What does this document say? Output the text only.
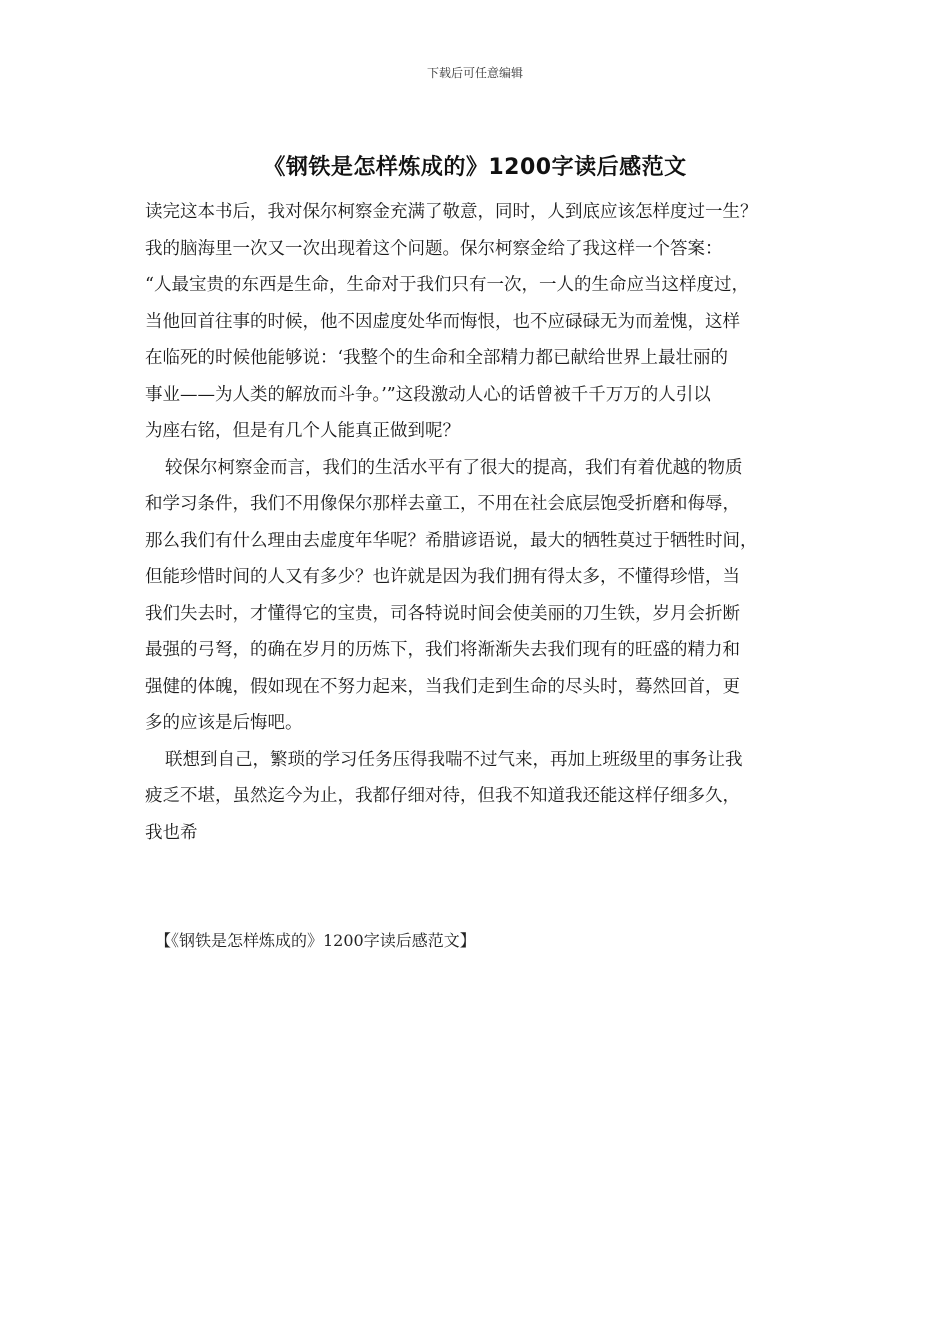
下载后可任意编辑
《钢铁是怎样炼成的》1200字读后感范文
读完这本书后，我对保尔柯察金充满了敬意，同时，人到底应该怎样度过一生？
我的脑海里一次又一次出现着这个问题。保尔柯察金给了我这样一个答案：
“人最宝贵的东西是生命，生命对于我们只有一次，一人的生命应当这样度过，
当他回首往事的时候，他不因虚度处华而悔恨，也不应碌碌无为而羞愧，这样
在临死的时候他能够说：‘我整个的生命和全部精力都已献给世界上最壮丽的
事业——为人类的解放而斗争。’”这段激动人心的话曾被千千万万的人引以
为座右铭，但是有几个人能真正做到呢？
较保尔柯察金而言，我们的生活水平有了很大的提高，我们有着优越的物质
和学习条件，我们不用像保尔那样去童工，不用在社会底层饱受折磨和侮辱，
那么我们有什么理由去虚度年华呢？希腊谚语说，最大的牺牲莫过于牺牲时间，
但能珍惜时间的人又有多少？也许就是因为我们拥有得太多，不懂得珍惜，当
我们失去时，才懂得它的宝贵，司各特说时间会使美丽的刀生铁，岁月会折断
最强的弓弩，的确在岁月的历炼下，我们将渐渐失去我们现有的旺盛的精力和
强健的体魄，假如现在不努力起来，当我们走到生命的尽头时，蓦然回首，更
多的应该是后悔吧。
联想到自己，繁琐的学习任务压得我喘不过气来，再加上班级里的事务让我
疲乏不堪，虽然迄今为止，我都仔细对待，但我不知道我还能这样仔细多久，
我也希
【《钢铁是怎样炼成的》1200字读后感范文】
